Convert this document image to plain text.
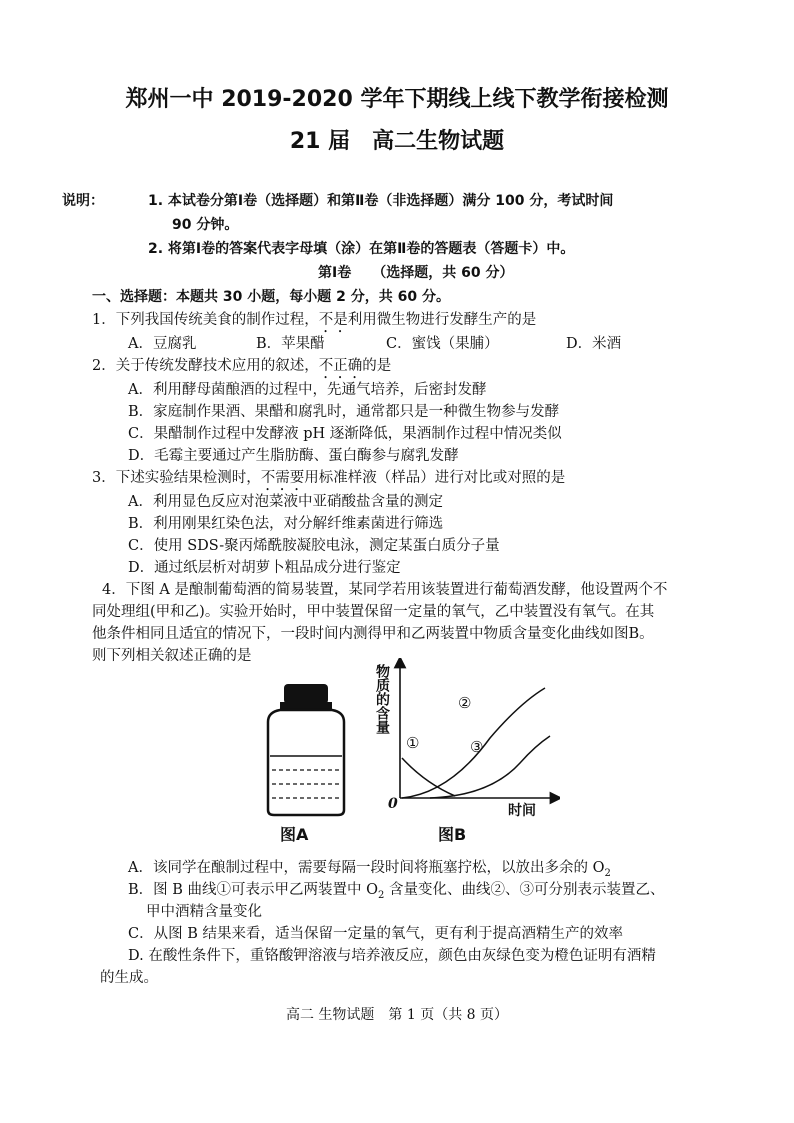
郑州一中 2019-2020 学年下期线上线下教学衔接检测
21 届　高二生物试题
说明：	1. 本试卷分第Ⅰ卷（选择题）和第Ⅱ卷（非选择题）满分 100 分，考试时间
90 分钟。
2. 将第Ⅰ卷的答案代表字母填（涂）在第Ⅱ卷的答题表（答题卡）中。
第Ⅰ卷　　（选择题，共 60 分）
一、选择题：本题共 30 小题，每小题 2 分，共 60 分。
1．下列我国传统美食的制作过程，不是利用微生物进行发酵生产的是
A．豆腐乳	B．苹果醋	C．蜜饯（果脯）	D．米酒
2．关于传统发酵技术应用的叙述，不正确的是
A．利用酵母菌酿酒的过程中，先通气培养，后密封发酵
B．家庭制作果酒、果醋和腐乳时，通常都只是一种微生物参与发酵
C．果醋制作过程中发酵液 pH 逐渐降低，果酒制作过程中情况类似
D．毛霉主要通过产生脂肪酶、蛋白酶参与腐乳发酵
3．下述实验结果检测时，不需要用标准样液（样品）进行对比或对照的是
A．利用显色反应对泡菜液中亚硝酸盐含量的测定
B．利用刚果红染色法，对分解纤维素菌进行筛选
C．使用 SDS-聚丙烯酰胺凝胶电泳，测定某蛋白质分子量
D．通过纸层析对胡萝卜粗品成分进行鉴定
4．下图 A 是酿制葡萄酒的简易装置，某同学若用该装置进行葡萄酒发酵，他设置两个不
同处理组(甲和乙)。实验开始时，甲中装置保留一定量的氧气，乙中装置没有氧气。在其
他条件相同且适宜的情况下，一段时间内测得甲和乙两装置中物质含量变化曲线如图B。
则下列相关叙述正确的是
图A
物质的含量
0	时间
①
②
③
图B
A．该同学在酿制过程中，需要每隔一段时间将瓶塞拧松，以放出多余的 $O_2$
B．图 B 曲线①可表示甲乙两装置中 $O_2$ 含量变化、曲线②、③可分别表示装置乙、
甲中酒精含量变化
C．从图 B 结果来看，适当保留一定量的氧气，更有利于提高酒精生产的效率
D. 在酸性条件下，重铬酸钾溶液与培养液反应，颜色由灰绿色变为橙色证明有酒精
的生成。
高二 生物试题　第 1 页（共 8 页）
